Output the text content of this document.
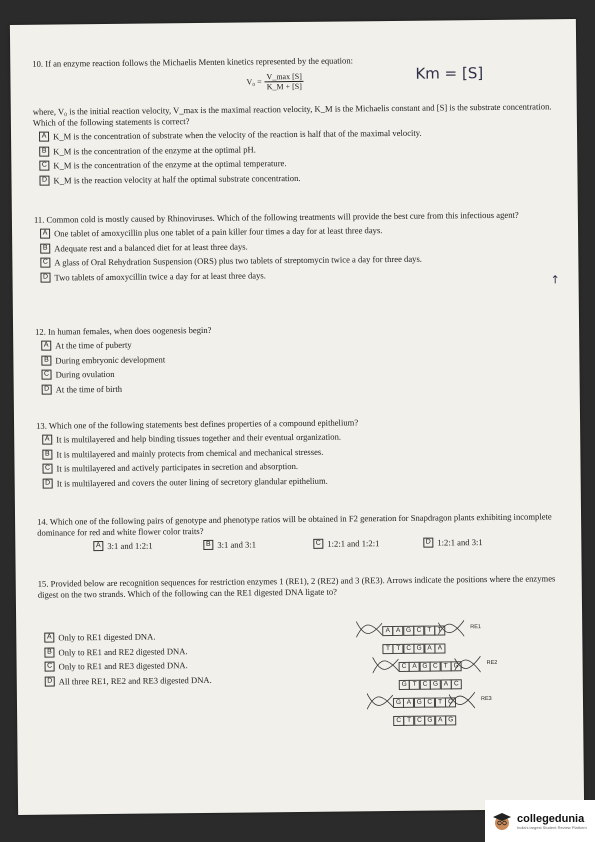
10. If an enzyme reaction follows the Michaelis Menten kinetics represented by the equation:

V₀ =
V_max [S]
K_M + [S]
Km = [S]

where, V₀ is the initial reaction velocity, V_max is the maximal reaction velocity, K_M is the Michaelis constant and [S] is the substrate concentration. Which of the following statements is correct?

A K_M is the concentration of substrate when the velocity of the reaction is half that of the maximal velocity.
B K_M is the concentration of the enzyme at the optimal pH.
C K_M is the concentration of the enzyme at the optimal temperature.
D K_M is the reaction velocity at half the optimal substrate concentration.

11. Common cold is mostly caused by Rhinoviruses. Which of the following treatments will provide the best cure from this infectious agent?

A One tablet of amoxycillin plus one tablet of a pain killer four times a day for at least three days.
B Adequate rest and a balanced diet for at least three days.
C A glass of Oral Rehydration Suspension (ORS) plus two tablets of streptomycin twice a day for three days.
D Two tablets of amoxycillin twice a day for at least three days.	↑

12. In human females, when does oogenesis begin?

A At the time of puberty
B During embryonic development
C During ovulation
D At the time of birth

13. Which one of the following statements best defines properties of a compound epithelium?

A It is multilayered and help binding tissues together and their eventual organization.
B It is multilayered and mainly protects from chemical and mechanical stresses.
C It is multilayered and actively participates in secretion and absorption.
D It is multilayered and covers the outer lining of secretory glandular epithelium.

14. Which one of the following pairs of genotype and phenotype ratios will be obtained in F2 generation for Snapdragon plants exhibiting incomplete dominance for red and white flower color traits?

A 3:1 and 1:2:1	B 3:1 and 3:1	C 1:2:1 and 1:2:1	D 1:2:1 and 3:1

15. Provided below are recognition sequences for restriction enzymes 1 (RE1), 2 (RE2) and 3 (RE3). Arrows indicate the positions where the enzymes digest on the two strands. Which of the following can the RE1 digested DNA ligate to?

A Only to RE1 digested DNA.
B Only to RE1 and RE2 digested DNA.
C Only to RE1 and RE3 digested DNA.
D All three RE1, RE2 and RE3 digested DNA.
A A G C T T
T T C G A A
RE1
C A G C T G
G T C G A C
RE2
G A G C T C
C T C G A G
RE3
collegedunia
India's largest Student Review Platform
